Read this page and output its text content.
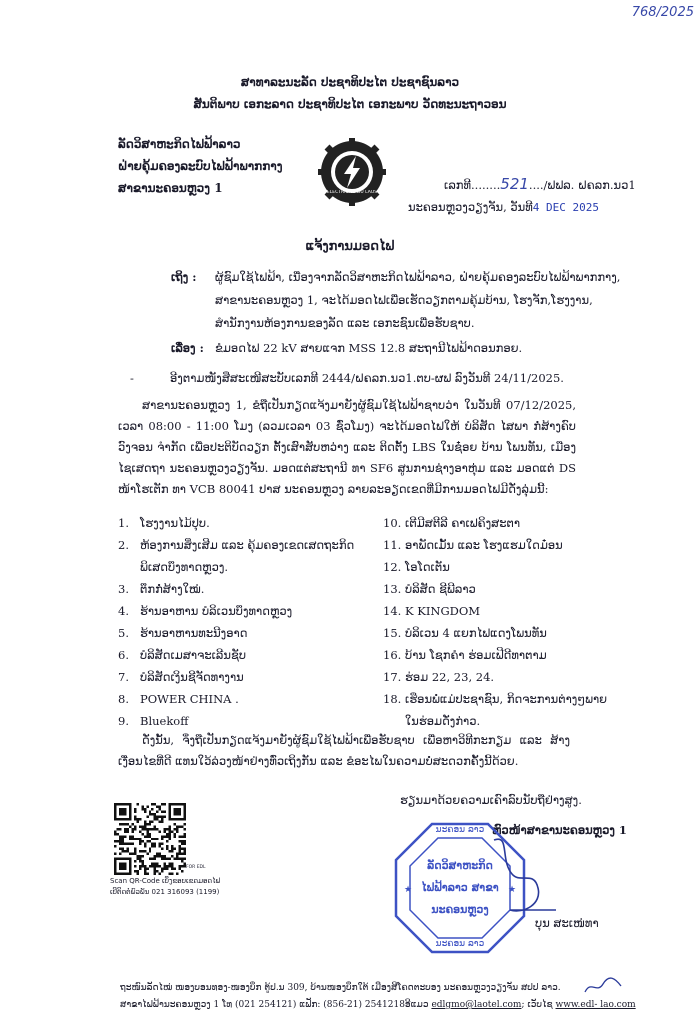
768/2025
ສາທາລະນະລັດ ປະຊາທິປະໄຕ ປະຊາຊົນລາວ
ສັນຕິພາບ ເອກະລາດ ປະຊາທິປະໄຕ ເອກະພາບ ວັດທະນະຖາວອນ
ລັດວິສາຫະກິດໄຟຟ້າລາວ
ຝ່າຍຄຸ້ມຄອງລະບົບໄຟຟ້າພາກກາງ
ສາຂານະຄອນຫຼວງ 1	ELECTRICITE DU LAOS
ເລກທີ........521..../ຟຟລ. ຝຄລກ.ນວ1
ນະຄອນຫຼວງວຽງຈັນ, ວັນທີ4 DEC 2025
ແຈ້ງການມອດໄຟ
ເຖິງ : ຜູ້ຊົມໃຊ້ໄຟຟ້າ, ເນື່ອງຈາກລັດວິສາຫະກິດໄຟຟ້າລາວ, ຝ່າຍຄຸ້ມຄອງລະບົບໄຟຟ້າພາກກາງ,
ສາຂານະຄອນຫຼວງ 1, ຈະໄດ້ມອດໄຟເພື່ອເຮັດວຽກຕາມຄຸ້ມບ້ານ, ໂຮງຈັກ,ໂຮງງານ,
ສໍານັກງານຫ້ອງການຂອງລັດ ແລະ ເອກະຊົນເພື່ອຮັບຊາບ.
ເລື່ອງ : ຂໍມອດໄຟ 22 kV ສາຍແຈກ MSS 12.8 ສະຖານີໄຟຟ້າດອນກອຍ.
-	ອີງຕາມໜັງສືສະເໜີສະບັບເລກທີ 2444/ຝຄລກ.ນວ1.ຕບ-ຜຟ ລົງວັນທີ 24/11/2025.
ສາຂານະຄອນຫຼວງ 1, ຂໍຖືເປັນກຽດແຈ້ງມາຍັງຜູ້ຊົມໃຊ້ໄຟຟ້າຊາບວ່າ ໃນວັນທີ 07/12/2025, ເວລາ 08:00 - 11:00 ໂມງ (ລວມເວລາ 03 ຊົ່ວໂມງ) ຈະໄດ້ມອດໄຟໃຫ້ ບໍລິສັດ ໄສພາ ກໍ່ສ້າງຄົບວົງຈອນ ຈໍາກັດ ເພື່ອປະຕິບັດວຽກ ຕັ້ງເສົາສັບຫວ່າງ ແລະ ຕິດຕັ້ງ LBS ໃນຊ໋ອຍ ບ້ານ ໂພນທັນ, ເມືອງ ໄຊເສດຖາ ນະຄອນຫຼວງວຽງຈັນ. ມອດແຕ່ສະຖານີ ທາ SF6 ສູນການຊ່າງອາຫຸ່ມ ແລະ ມອດແຕ່ DS ໜ້າໂຮເຕັກ ທາ VCB 80041 ປາສ ນະຄອນຫຼວງ ລາຍລະອຽດເຂດທີ່ມີການມອດໄຟມີດັ່ງລຸ່ມນີ້:
1. ໂຮງງານໄມ້ປຸບ.
2. ຫ້ອງການສິ່ງເສີມ ແລະ ຄຸ້ມຄອງເຂດເສດຖະກິດ
ພິເສດບຶງທາດຫຼວງ.
3. ຕຶກກໍ່ສ້າງໃໝ່.
4. ຮ້ານອາຫານ ບໍລິເວນບຶງທາດຫຼວງ
5. ຮ້ານອາຫານທະນີງອາດ
6. ບໍລິສັດເມສາຈະເລີນຊັບ
7. ບໍລິສັດເງິນຊີຈັດທາງານ
8. POWER CHINA .
9. Bluekoff
10. ເຕີມີສຕີລີ ຄາເຟຄິງສະຕາ
11. ອາພັດເມັ້ນ ແລະ ໂຮງແຮມໃດມ໋ອນ
12. ໂອໂດເຕັນ
13. ບໍລິສັດ ຊີພີລາວ
14. K KINGDOM
15. ບໍລິເວນ 4 ແຍກໄຟແດງໂພນທັນ
16. ບ້ານ ໂຊກຄໍາ ຮ່ອມເຟີດີທາຕາມ
17. ຮ່ອມ 22, 23, 24.
18. ເຮືອນພໍ່ແມ່ປະຊາຊົນ, ກິດຈະການຕ່າງໆພາຍ
ໃນຮ່ອມດັ່ງກ່າວ.
ດັ່ງນັ້ນ, ຈຶ່ງຖືເປັນກຽດແຈ້ງມາຍັງຜູ້ຊົມໃຊ້ໄຟຟ້າເພື່ອຮັບຊາບ ເພື່ອຫາວິທີກະກຽມ ແລະ ສ້າງເງື່ອນໄຂທີ່ດີ ແທນໃວ້ລ່ວງໜ້າຢ່າງທົ່ວເຖິງກັນ ແລະ ຂໍອະໄພໃນຄວາມບໍ່ສະດວກຄັ້ງນີ້ດ້ວຍ.
ຮຽນມາດ້ວຍຄວາມເຄົາລົບນັບຖືຢ່າງສູງ.
ຫົວໜ້າສາຂານະຄອນຫຼວງ 1
★	★
ນະຄອນ ລາວ
ລັດວິສາຫະກິດ
ໄຟຟ້າລາວ ສາຂາ
ນະຄອນຫຼວງ
ນະຄອນ ລາວ
ບຸນ ສະເໜ່ທາ
FOR EDL
Scan QR-Code ເບິ່ງຂອບເຂດມອດໄຟ
ເບີຕິດຕໍ່ພົວພັນ 021 316093 (1199)
ຖະໜົນລັດໄໝ່ ໜອງບອນທອງ-ໜອງບຶກ ຕູ້ປ.ນ 309, ບ້ານໜອງບຶກໃຕ້ ເມືອງສີໂຄດຕະບອງ ນະຄອນຫຼວງວຽງຈັນ ສປປ ລາວ.
ສາຂາໄຟຟ້ານະຄອນຫຼວງ 1 ໂທ (021 254121) ແຟັກ: (856-21) 2541218ອີແມວ edlgmo@laotel.com; ເວັບໄຊ www.edl- lao.com
